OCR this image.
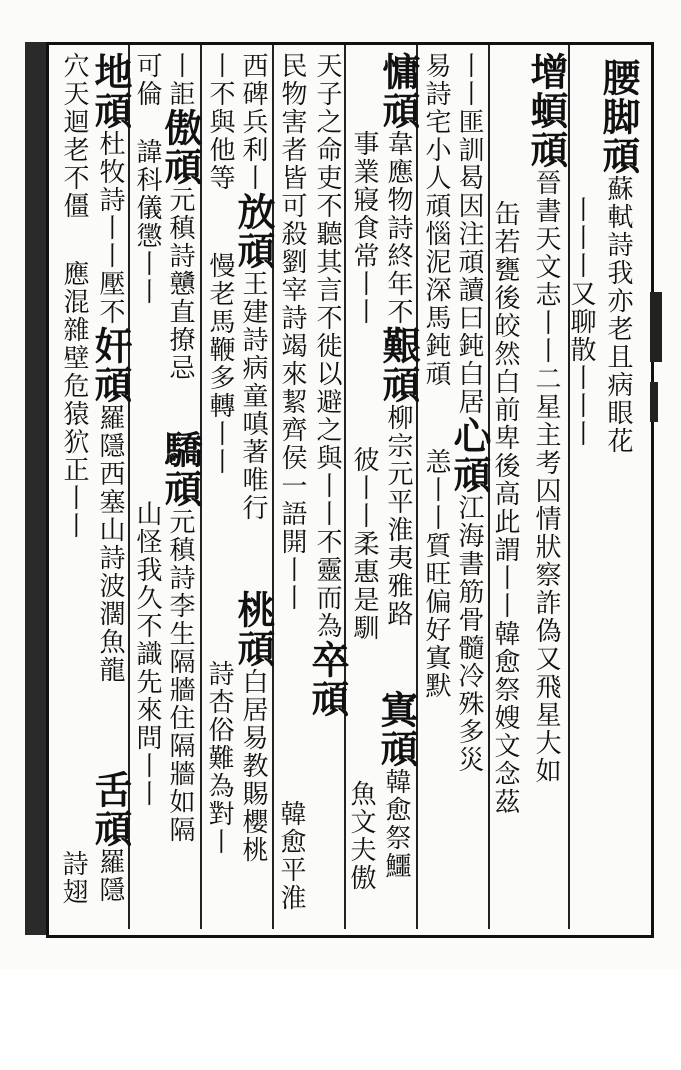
腰脚頑蘇軾詩我亦老且病眼花
丨丨丨又聊散丨丨丨
增蝢頑晉書天文志丨丨二星主考囚情狀察詐偽又飛星大如
缶若甕後皎然白前卑後高此謂丨丨韓愈祭嫂文念茲
丨丨匪訓曷因注頑讀曰鈍白居心頑江海書筋骨髓冷殊多災
易詩宅小人頑惱泥深馬鈍頑恙丨丨質旺偏好寘默
慵頑韋應物詩終年不艱頑柳宗元平淮夷雅路
事業寢食常丨丨彼丨丨柔惠是馴
天子之命吏不聽其言不徙以避之與丨丨不靈而為卒頑
民物害者皆可殺劉宰詩竭來絜齊侯一語開丨丨
西碑兵利丨放頑王建詩病童嗔著唯行
丨不與他等慢老馬鞭多轉丨丨
丨詎傲頑元稹詩戇直撩忌
可倫諱科儀懲丨丨
地頑杜牧詩丨丨壓不奸頑羅隱西塞山詩波濶魚龍
穴天迴老不僵應混雜壁危猿狖正丨丨
寘頑韓愈祭鱷
魚文夫傲
韓愈平淮
桃頑白居易教賜櫻桃
詩杏俗難為對丨
驕頑元稹詩李生隔牆住隔牆如隔
山怪我久不識先來問丨丨
舌頑羅隱
詩翅
